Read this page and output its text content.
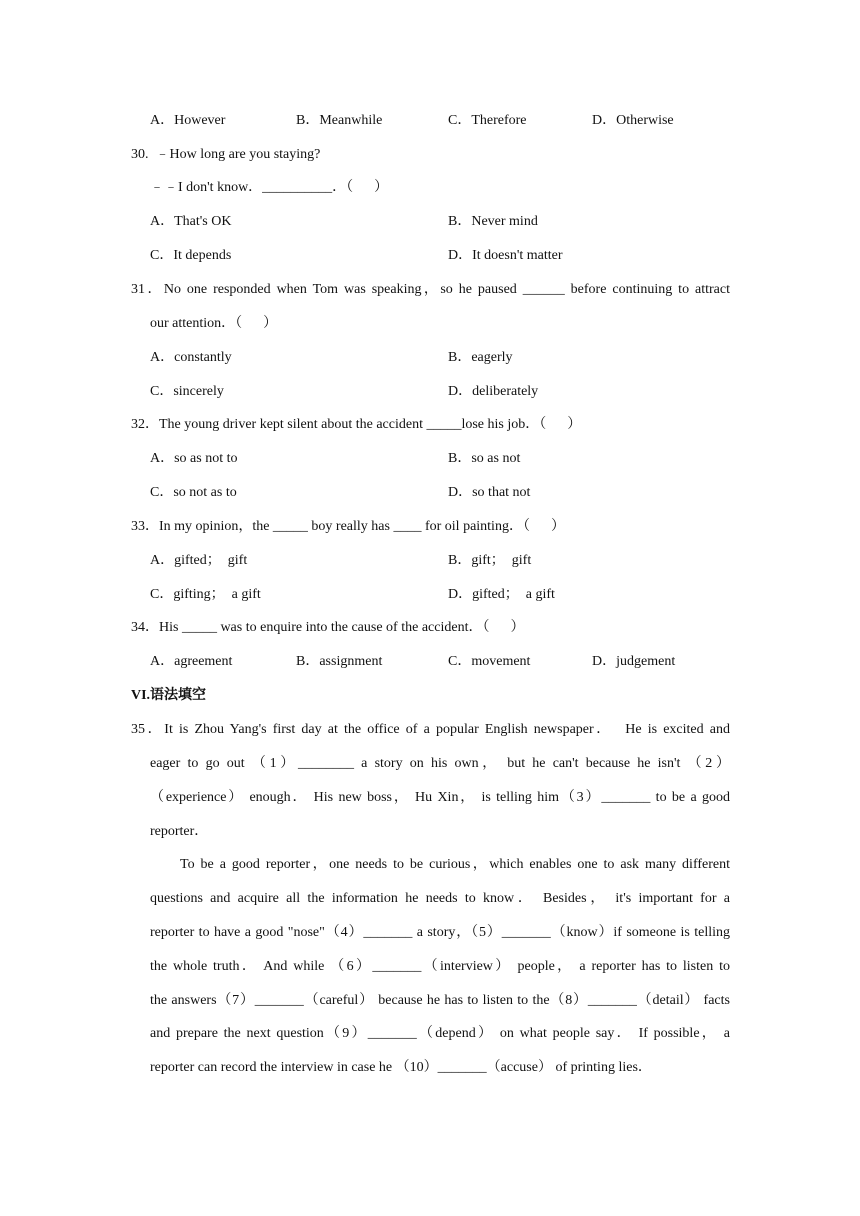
A．However	B．Meanwhile	C．Therefore	D．Otherwise
30.  ﹣How long are you staying?
﹣﹣I don't know．__________．（      ）
A．That's OK	B．Never mind
C．It depends	D．It doesn't matter
31．No one responded when Tom was speaking，so he paused ______ before continuing to attract
our attention．（      ）
A．constantly	B．eagerly
C．sincerely	D．deliberately
32．The young driver kept silent about the accident _____lose his job．（      ）
A．so as not to	B．so as not
C．so not as to	D．so that not
33．In my opinion，the _____ boy really has ____ for oil painting．（      ）
A．gifted；  gift	B．gift；  gift
C．gifting；  a gift	D．gifted；  a gift
34．His _____ was to enquire into the cause of the accident．（      ）
A．agreement	B．assignment	C．movement	D．judgement
VI.语法填空
35．It is Zhou Yang's first day at the office of a popular English newspaper．  He is excited and
eager to go out （1）________ a story on his own， but he can't because he isn't （2）
（experience） enough． His new boss， Hu Xin， is telling him（3）_______ to be a good
reporter．
To be a good reporter，one needs to be curious，which enables one to ask many different
questions and acquire all the information he needs to know． Besides， it's important for a
reporter to have a good "nose"（4）_______ a story，（5）_______（know）if someone is telling
the whole truth． And while （6）_______（interview） people， a reporter has to listen to
the answers（7）_______（careful） because he has to listen to the（8）_______（detail） facts
and prepare the next question（9）_______（depend） on what people say． If possible， a
reporter can record the interview in case he （10）_______（accuse） of printing lies．
